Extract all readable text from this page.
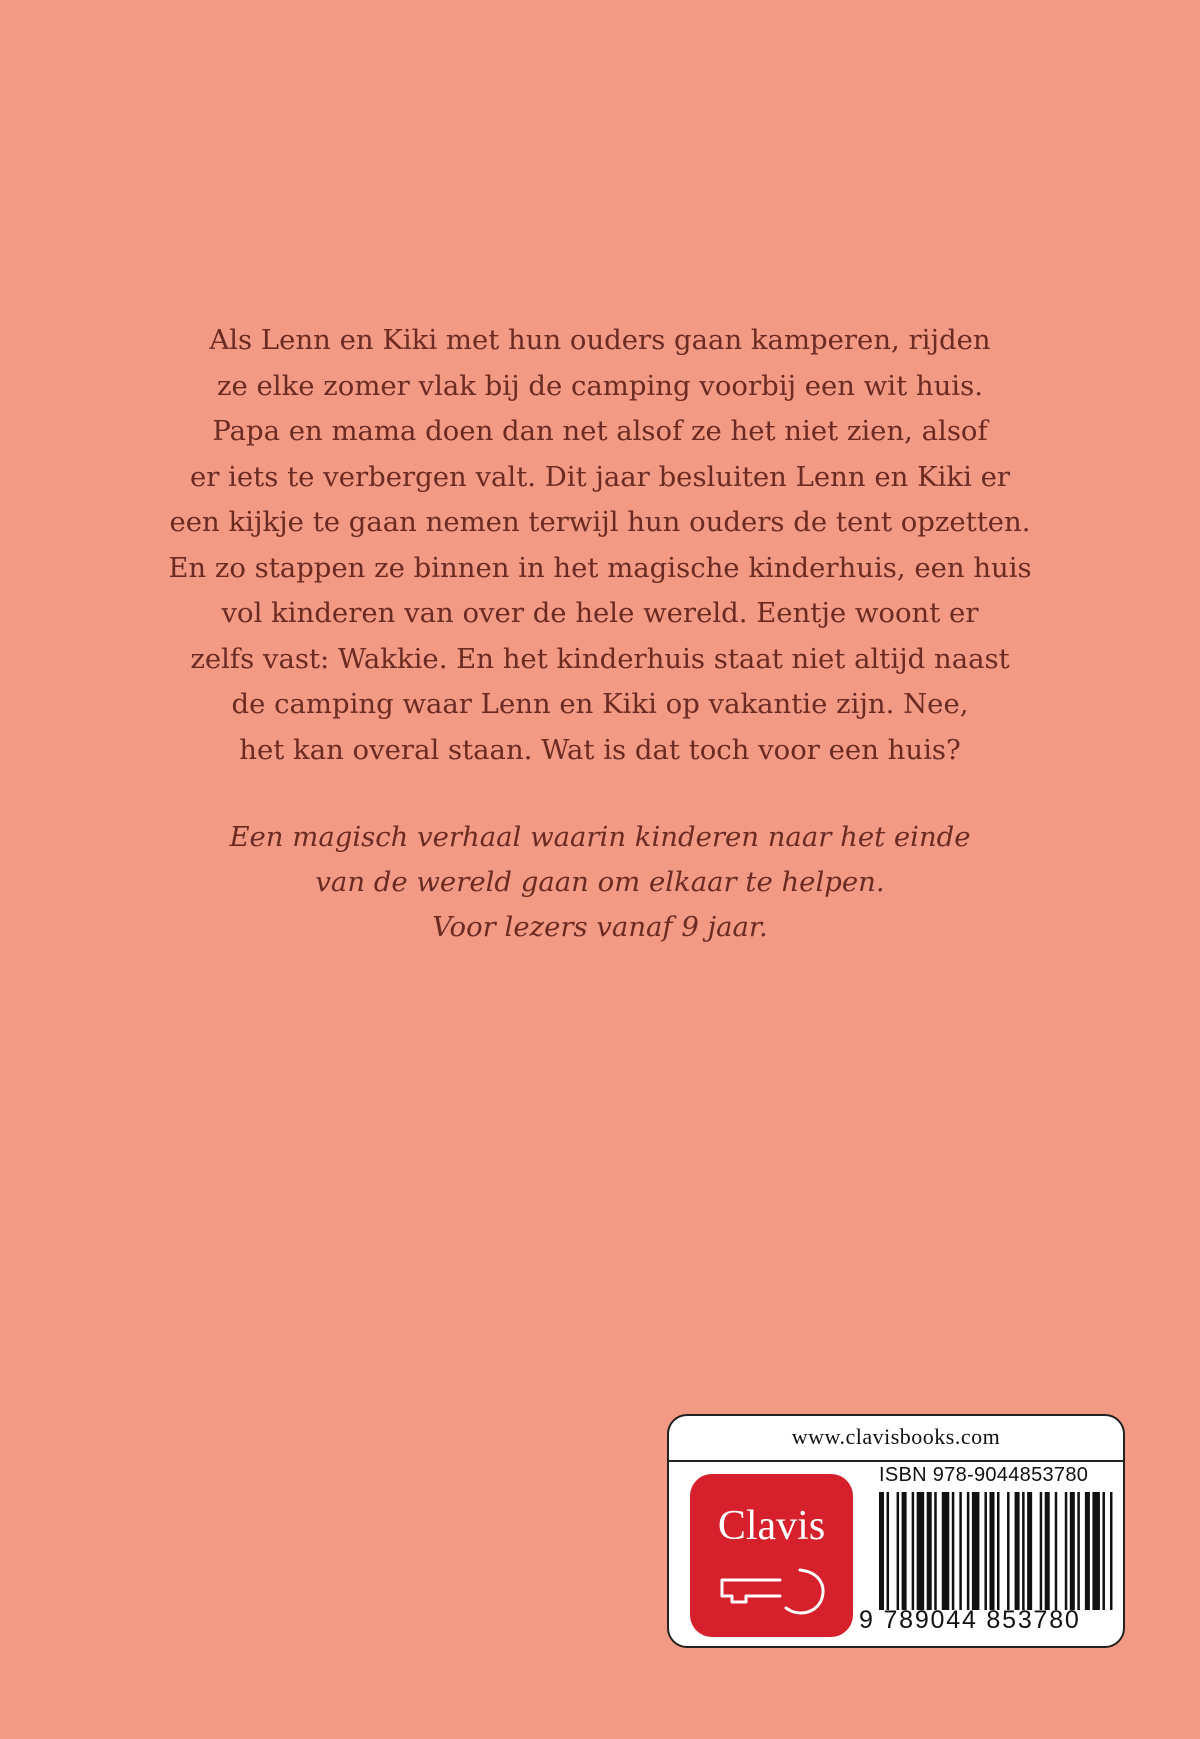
Als Lenn en Kiki met hun ouders gaan kamperen, rijden
ze elke zomer vlak bij de camping voorbij een wit huis.
Papa en mama doen dan net alsof ze het niet zien, alsof
er iets te verbergen valt. Dit jaar besluiten Lenn en Kiki er
een kijkje te gaan nemen terwijl hun ouders de tent opzetten.
En zo stappen ze binnen in het magische kinderhuis, een huis
vol kinderen van over de hele wereld. Eentje woont er
zelfs vast: Wakkie. En het kinderhuis staat niet altijd naast
de camping waar Lenn en Kiki op vakantie zijn. Nee,
het kan overal staan. Wat is dat toch voor een huis?
Een magisch verhaal waarin kinderen naar het einde
van de wereld gaan om elkaar te helpen.
Voor lezers vanaf 9 jaar.
www.clavisbooks.com
Clavis
ISBN 978-9044853780
9 789044 853780
